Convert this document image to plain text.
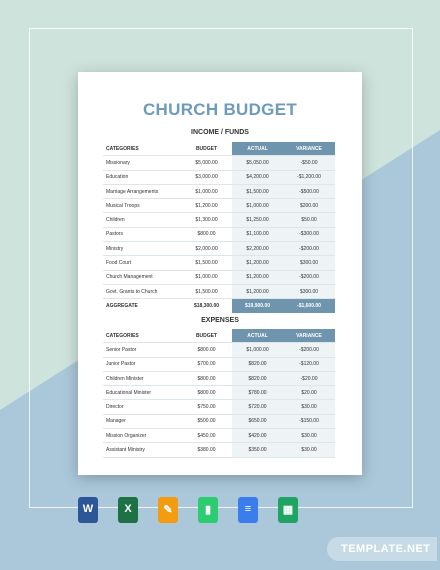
CHURCH BUDGET
INCOME / FUNDS
CATEGORIES	BUDGET	ACTUAL	VARIANCE
Missionary	$5,000.00	$5,050.00	-$50.00
Education	$3,000.00	$4,200.00	-$1,200.00
Marriage Arrangements	$1,000.00	$1,500.00	-$500.00
Musical Troops	$1,200.00	$1,000.00	$200.00
Children	$1,300.00	$1,250.00	$50.00
Pastors	$800.00	$1,100.00	-$300.00
Ministry	$2,000.00	$2,200.00	-$200.00
Food Court	$1,500.00	$1,200.00	$300.00
Church Management	$1,000.00	$1,200.00	-$200.00
Govt. Grants to Church	$1,500.00	$1,200.00	$300.00
AGGREGATE	$18,300.00	$19,900.00	-$1,600.00
EXPENSES
CATEGORIES	BUDGET	ACTUAL	VARIANCE
Senior Pastor	$800.00	$1,000.00	-$200.00
Junior Pastor	$700.00	$820.00	-$120.00
Children Minister	$800.00	$820.00	-$20.00
Educational Minister	$800.00	$780.00	$20.00
Director	$750.00	$720.00	$30.00
Manager	$500.00	$650.00	-$150.00
Mission Organizer	$450.00	$420.00	$30.00
Assistant Ministry	$380.00	$350.00	$30.00
W	X	✎	▮	≡	▦
TEMPLATE.NET
